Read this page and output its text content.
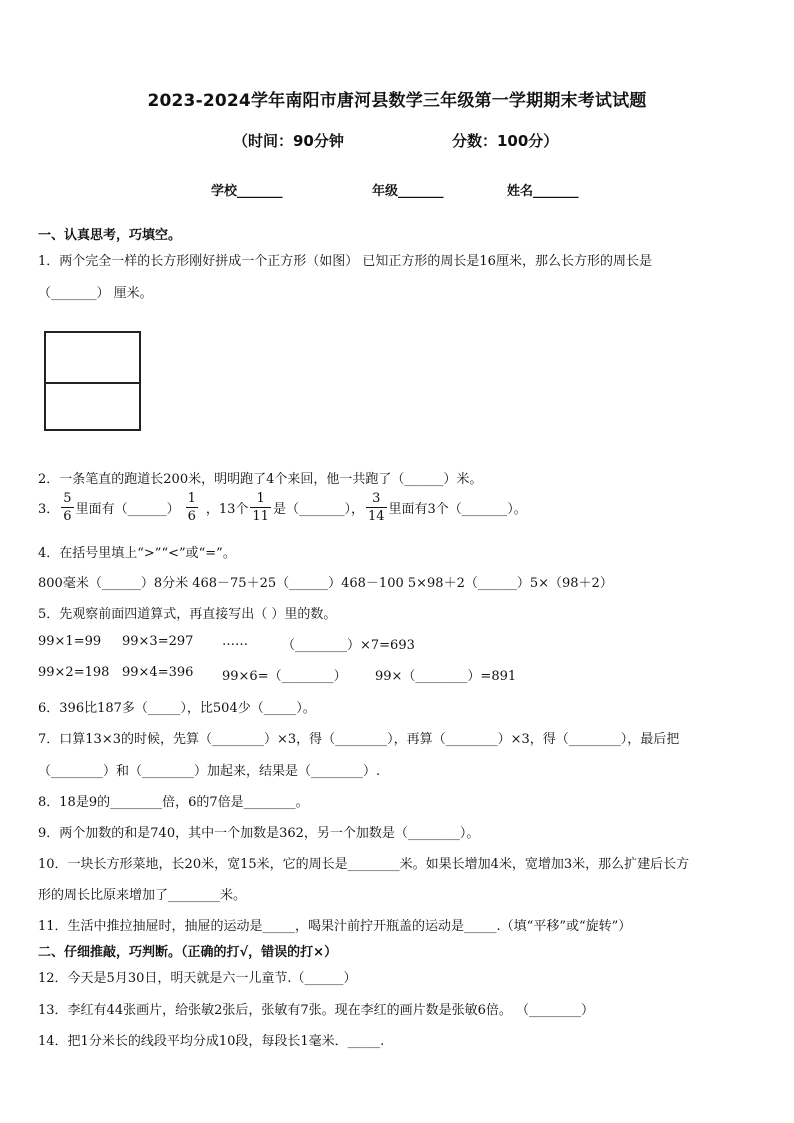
2023-2024学年南阳市唐河县数学三年级第一学期期末考试试题
（时间：90分钟	分数：100分）
学校_______	年级_______	姓名_______
一、认真思考，巧填空。
1．两个完全一样的长方形刚好拼成一个正方形（如图） 已知正方形的周长是16厘米，那么长方形的周长是
（_______） 厘米。
2．一条笔直的跑道长200米，明明跑了4个来回，他一共跑了（______）米。
3． $\frac{5}{6}$ 里面有（______） $\frac{1}{6}$ ，13个 $\frac{1}{11}$ 是（_______）， $\frac{3}{14}$ 里面有3个（_______）。
4．在括号里填上“>”“<”或“=”。
800毫米（______）8分米 468－75＋25（______）468－100 5×98＋2（______）5×（98＋2）
5．先观察前面四道算式，再直接写出（ ）里的数。
99×1=99 99×3=297 ……	（________）×7=693
99×2=198 99×4=396 99×6=（________） 99×（________）=891
6．396比187多（_____），比504少（_____）。
7．口算13×3的时候，先算（________）×3，得（________），再算（________）×3，得（________），最后把
（________）和（________）加起来，结果是（________）.
8．18是9的________倍，6的7倍是________。
9．两个加数的和是740，其中一个加数是362，另一个加数是（________）。
10．一块长方形菜地，长20米，宽15米，它的周长是________米。如果长增加4米，宽增加3米，那么扩建后长方
形的周长比原来增加了________米。
11．生活中推拉抽屉时，抽屉的运动是_____，喝果汁前拧开瓶盖的运动是_____.（填“平移”或“旋转”）
二、仔细推敲，巧判断。（正确的打√，错误的打×）
12．今天是5月30日，明天就是六一儿童节.（______）
13．李红有44张画片，给张敏2张后，张敏有7张。现在李红的画片数是张敏6倍。 （________）
14．把1分米长的线段平均分成10段，每段长1毫米．_____.
